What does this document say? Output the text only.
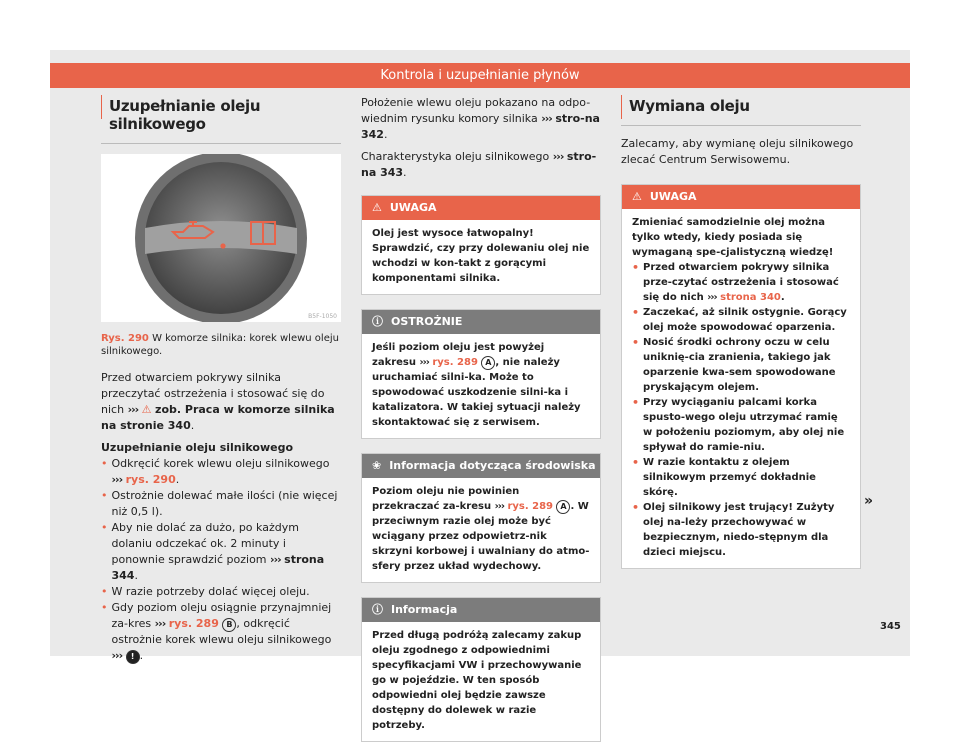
Kontrola i uzupełnianie płynów
Uzupełnianie oleju silnikowego
B5F-1050
Rys. 290 W komorze silnika: korek wlewu oleju silnikowego.

Przed otwarciem pokrywy silnika przeczytać ostrzeżenia i stosować się do nich ››› ⚠ zob. Praca w komorze silnika na stronie 340.

Uzupełnianie oleju silnikowego

• Odkręcić korek wlewu oleju silnikowego ››› rys. 290.

• Ostrożnie dolewać małe ilości (nie więcej niż 0,5 l).

• Aby nie dolać za dużo, po każdym dolaniu odczekać ok. 2 minuty i ponownie sprawdzić poziom ››› strona 344.

• W razie potrzeby dolać więcej oleju.

• Gdy poziom oleju osiągnie przynajmniej za-kres ››› rys. 289 B , odkręcić ostrożnie korek wlewu oleju silnikowego ››› ! .

Położenie wlewu oleju pokazano na odpo-wiednim rysunku komory silnika ››› stro-na 342.

Charakterystyka oleju silnikowego ››› stro-na 343.

⚠ UWAGA
Olej jest wysoce łatwopalny! Sprawdzić, czy przy dolewaniu olej nie wchodzi w kon-takt z gorącymi komponentami silnika.
ⓘ OSTROŻNIE
Jeśli poziom oleju jest powyżej zakresu ››› rys. 289 A , nie należy uruchamiać silni-ka. Może to spowodować uszkodzenie silni-ka i katalizatora. W takiej sytuacji należy skontaktować się z serwisem.
❀ Informacja dotycząca środowiska
Poziom oleju nie powinien przekraczać za-kresu ››› rys. 289 A . W przeciwnym razie olej może być wciągany przez odpowietrz-nik skrzyni korbowej i uwalniany do atmo-sfery przez układ wydechowy.
ⓘ Informacja
Przed długą podróżą zalecamy zakup oleju zgodnego z odpowiednimi specyfikacjami VW i przechowywanie go w pojeździe. W ten sposób odpowiedni olej będzie zawsze dostępny do dolewek w razie potrzeby.
Wymiana oleju

Zalecamy, aby wymianę oleju silnikowego zlecać Centrum Serwisowemu.

⚠ UWAGA
Zmieniać samodzielnie olej można tylko wtedy, kiedy posiada się wymaganą spe-cjalistyczną wiedzę!
• Przed otwarciem pokrywy silnika prze-czytać ostrzeżenia i stosować się do nich ››› strona 340.
• Zaczekać, aż silnik ostygnie. Gorący olej może spowodować oparzenia.
• Nosić środki ochrony oczu w celu uniknię-cia zranienia, takiego jak oparzenie kwa-sem spowodowane pryskającym olejem.
• Przy wyciąganiu palcami korka spusto-wego oleju utrzymać ramię w położeniu poziomym, aby olej nie spływał do ramie-niu.
• W razie kontaktu z olejem silnikowym przemyć dokładnie skórę.
• Olej silnikowy jest trujący! Zużyty olej na-leży przechowywać w bezpiecznym, niedo-stępnym dla dzieci miejscu.
»
345
